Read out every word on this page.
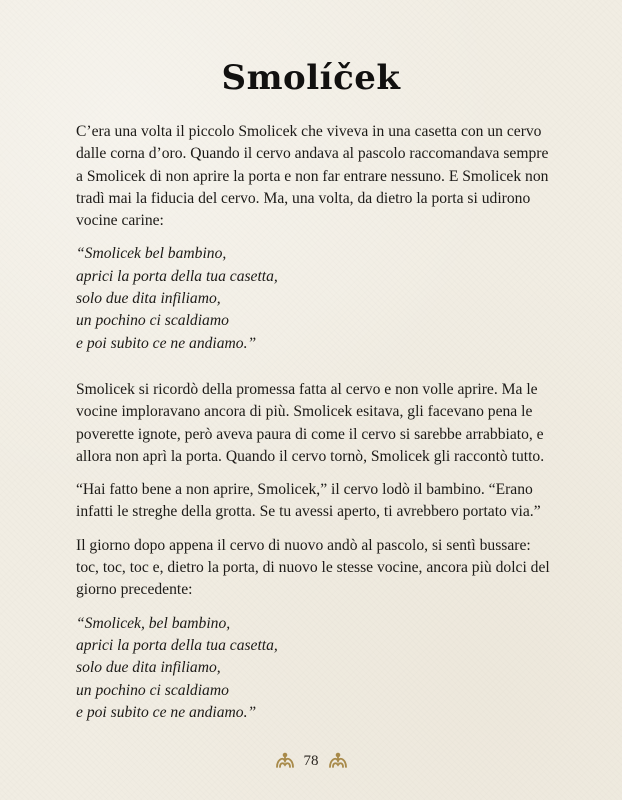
Smolíček

C’era una volta il piccolo Smolicek che viveva in una casetta con un cervo dalle corna d’oro. Quando il cervo andava al pascolo raccomandava sempre a Smolicek di non aprire la porta e non far entrare nessuno. E Smolicek non tradì mai la fiducia del cervo. Ma, una volta, da dietro la porta si udirono vocine carine:

“Smolicek bel bambino,
aprici la porta della tua casetta,
solo due dita infiliamo,
un pochino ci scaldiamo
e poi subito ce ne andiamo.”

Smolicek si ricordò della promessa fatta al cervo e non volle aprire. Ma le vocine imploravano ancora di più. Smolicek esitava, gli facevano pena le poverette ignote, però aveva paura di come il cervo si sarebbe arrabbiato, e allora non aprì la porta. Quando il cervo tornò, Smolicek gli raccontò tutto.

“Hai fatto bene a non aprire, Smolicek,” il cervo lodò il bambino. “Erano infatti le streghe della grotta. Se tu avessi aperto, ti avrebbero portato via.”

Il giorno dopo appena il cervo di nuovo andò al pascolo, si sentì bussare: toc, toc, toc e, dietro la porta, di nuovo le stesse vocine, ancora più dolci del giorno precedente:

“Smolicek, bel bambino,
aprici la porta della tua casetta,
solo due dita infiliamo,
un pochino ci scaldiamo
e poi subito ce ne andiamo.”
78
